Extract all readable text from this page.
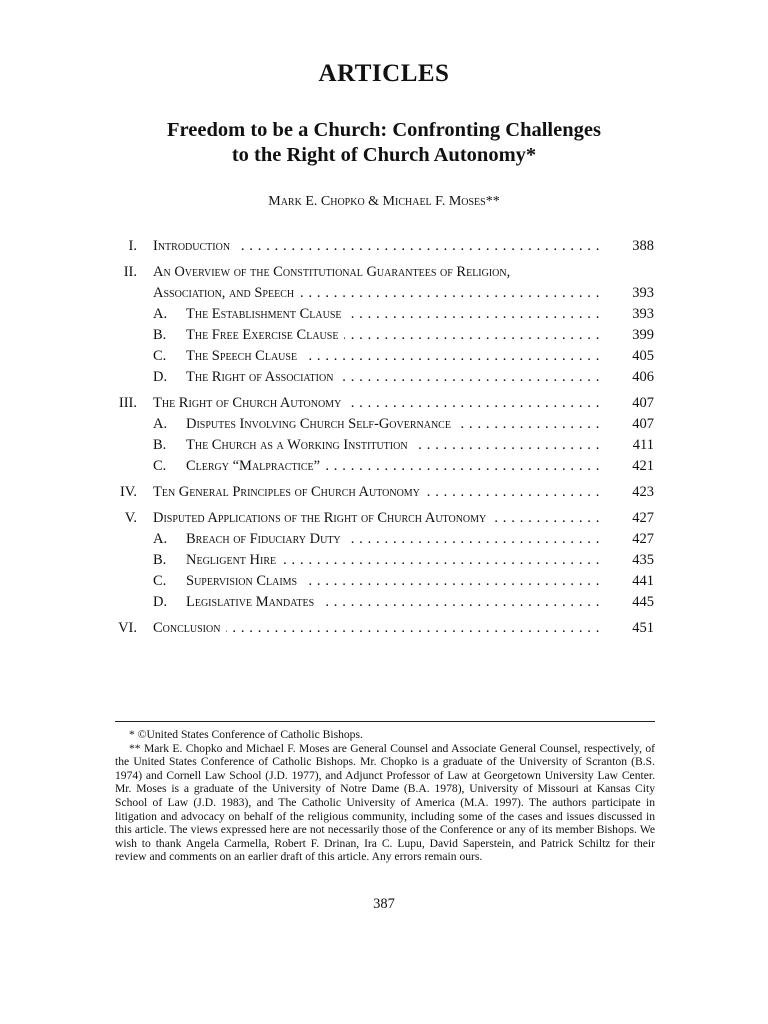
ARTICLES
Freedom to be a Church: Confronting Challenges
to the Right of Church Autonomy*
Mark E. Chopko & Michael F. Moses**
I. Introduction . . .	388
II. An Overview of the Constitutional Guarantees of Religion,
Association, and Speech . . .	393
A. The Establishment Clause . . .	393
B. The Free Exercise Clause . . .	399
C. The Speech Clause . . .	405
D. The Right of Association . . .	406
III. The Right of Church Autonomy . . .	407
A. Disputes Involving Church Self-Governance . . .	407
B. The Church as a Working Institution . . .	411
C. Clergy “Malpractice” . . .	421
IV. Ten General Principles of Church Autonomy . . .	423
V. Disputed Applications of the Right of Church Autonomy . . .	427
A. Breach of Fiduciary Duty . . .	427
B. Negligent Hire . . .	435
C. Supervision Claims . . .	441
D. Legislative Mandates . . .	445
VI. Conclusion . . .	451

* ©United States Conference of Catholic Bishops.

** Mark E. Chopko and Michael F. Moses are General Counsel and Associate General Counsel, respectively, of the United States Conference of Catholic Bishops. Mr. Chopko is a graduate of the University of Scranton (B.S. 1974) and Cornell Law School (J.D. 1977), and Adjunct Professor of Law at Georgetown University Law Center. Mr. Moses is a graduate of the University of Notre Dame (B.A. 1978), University of Missouri at Kansas City School of Law (J.D. 1983), and The Catholic University of America (M.A. 1997). The authors participate in litigation and advocacy on behalf of the religious community, including some of the cases and issues discussed in this article. The views expressed here are not necessarily those of the Conference or any of its member Bishops. We wish to thank Angela Carmella, Robert F. Drinan, Ira C. Lupu, David Saperstein, and Patrick Schiltz for their review and comments on an earlier draft of this article. Any errors remain ours.

387
